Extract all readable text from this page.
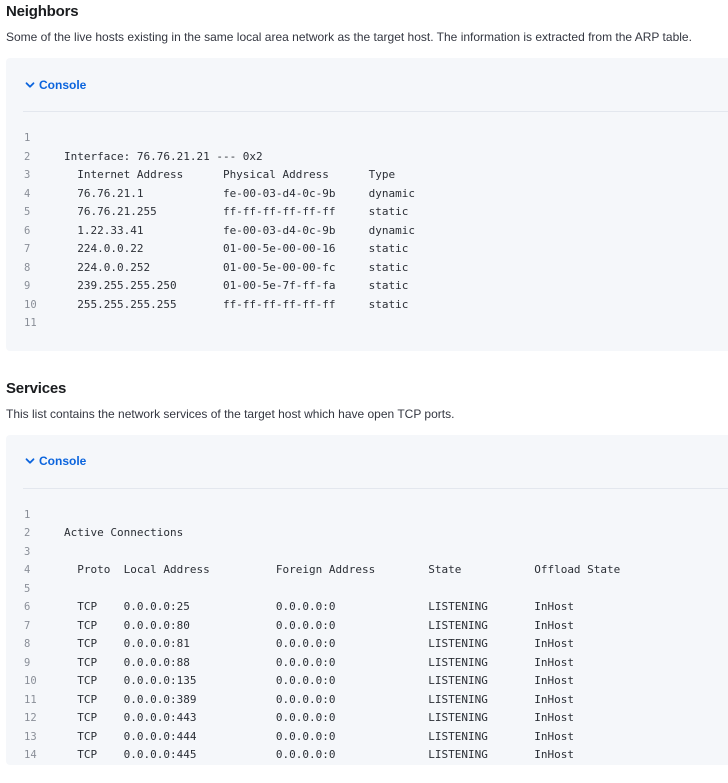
Neighbors

Some of the live hosts existing in the same local area network as the target host. The information is extracted from the ARP table.

Console
1
2	Interface: 76.76.21.21 --- 0x2
3	Internet Address      Physical Address      Type
4	76.76.21.1            fe-00-03-d4-0c-9b     dynamic
5	76.76.21.255          ff-ff-ff-ff-ff-ff     static
6	1.22.33.41            fe-00-03-d4-0c-9b     dynamic
7	224.0.0.22            01-00-5e-00-00-16     static
8	224.0.0.252           01-00-5e-00-00-fc     static
9	239.255.255.250       01-00-5e-7f-ff-fa     static
10	255.255.255.255       ff-ff-ff-ff-ff-ff     static
11
Services

This list contains the network services of the target host which have open TCP ports.

Console
1
2	Active Connections
3
4	Proto  Local Address          Foreign Address        State           Offload State
5
6	TCP    0.0.0.0:25             0.0.0.0:0              LISTENING       InHost
7	TCP    0.0.0.0:80             0.0.0.0:0              LISTENING       InHost
8	TCP    0.0.0.0:81             0.0.0.0:0              LISTENING       InHost
9	TCP    0.0.0.0:88             0.0.0.0:0              LISTENING       InHost
10	TCP    0.0.0.0:135            0.0.0.0:0              LISTENING       InHost
11	TCP    0.0.0.0:389            0.0.0.0:0              LISTENING       InHost
12	TCP    0.0.0.0:443            0.0.0.0:0              LISTENING       InHost
13	TCP    0.0.0.0:444            0.0.0.0:0              LISTENING       InHost
14	TCP    0.0.0.0:445            0.0.0.0:0              LISTENING       InHost
